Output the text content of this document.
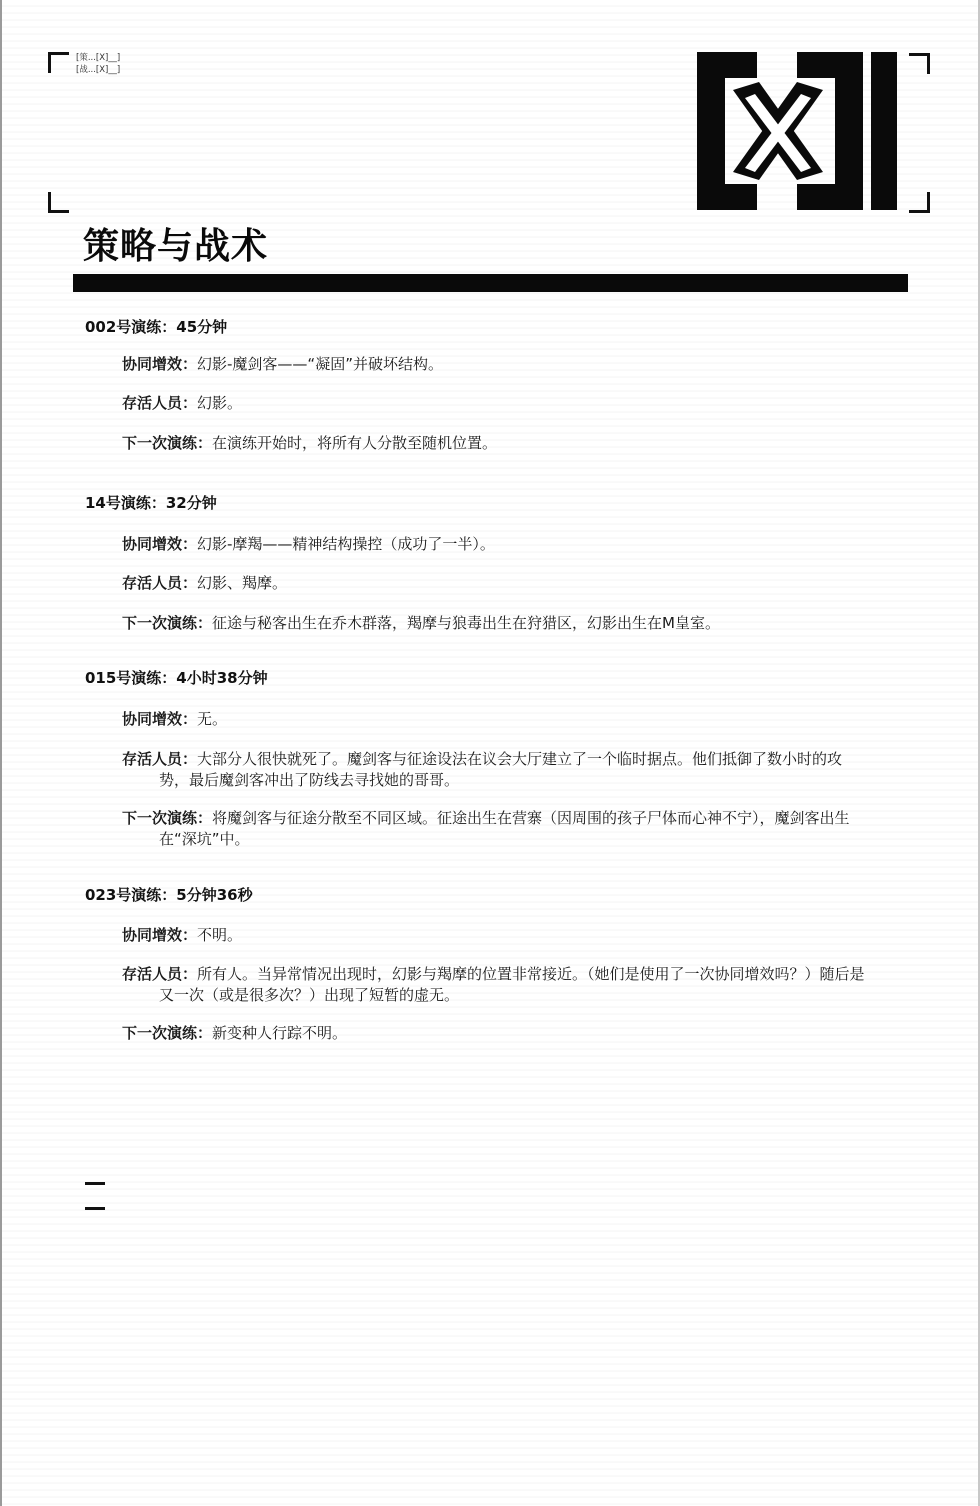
[策...[X]__]
[战...[X]__]
策略与战术
002号演练：45分钟
协同增效：幻影-魔剑客——“凝固”并破坏结构。
存活人员：幻影。
下一次演练：在演练开始时，将所有人分散至随机位置。
14号演练：32分钟
协同增效：幻影-摩羯——精神结构操控（成功了一半）。
存活人员：幻影、羯摩。
下一次演练：征途与秘客出生在乔木群落，羯摩与狼毒出生在狩猎区，幻影出生在M皇室。
015号演练：4小时38分钟
协同增效：无。
存活人员：大部分人很快就死了。魔剑客与征途设法在议会大厅建立了一个临时据点。他们抵御了数小时的攻
势，最后魔剑客冲出了防线去寻找她的哥哥。
下一次演练：将魔剑客与征途分散至不同区域。征途出生在营寨（因周围的孩子尸体而心神不宁），魔剑客出生
在“深坑”中。
023号演练：5分钟36秒
协同增效：不明。
存活人员：所有人。当异常情况出现时，幻影与羯摩的位置非常接近。（她们是使用了一次协同增效吗？）随后是
又一次（或是很多次？）出现了短暂的虚无。
下一次演练：新变种人行踪不明。
